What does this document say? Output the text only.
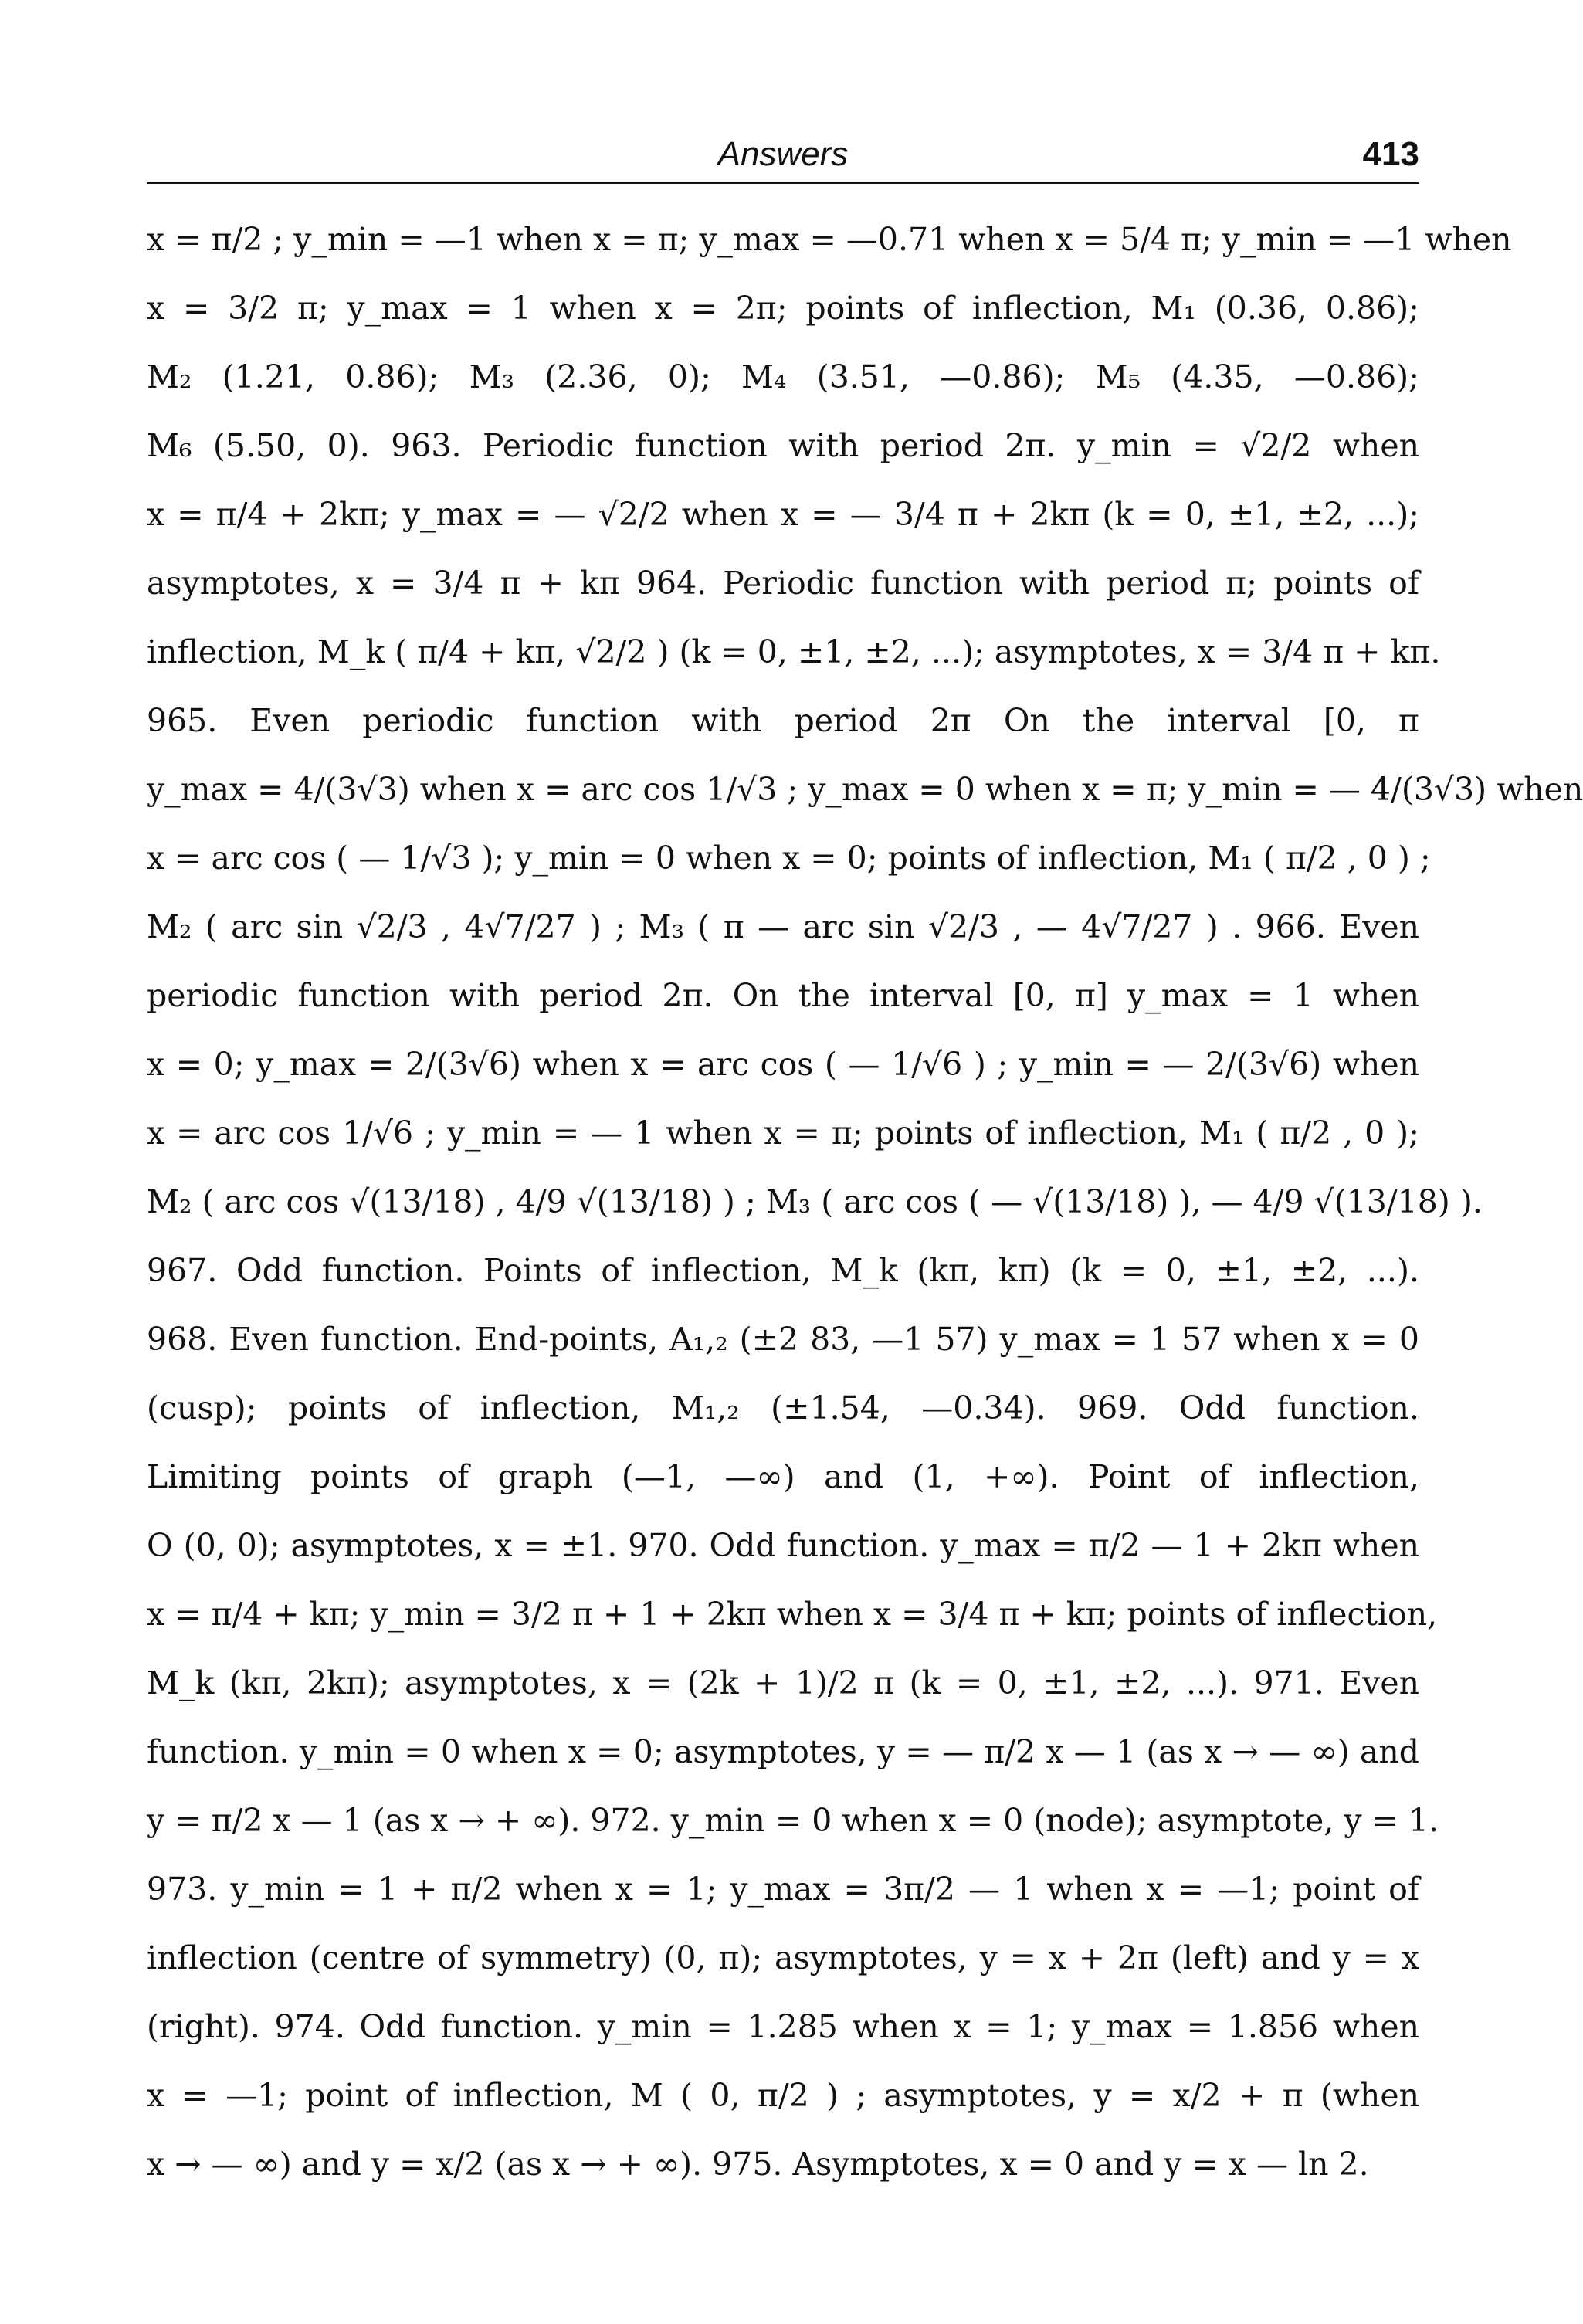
Answers	413
x = π/2 ; y_min = —1 when x = π; y_max = —0.71 when x = 5/4 π; y_min = —1 when
x = 3/2 π; y_max = 1 when x = 2π; points of inflection, M₁ (0.36, 0.86);
M₂ (1.21, 0.86); M₃ (2.36, 0); M₄ (3.51, —0.86); M₅ (4.35, —0.86);
M₆ (5.50, 0). 963. Periodic function with period 2π. y_min = √2/2 when
x = π/4 + 2kπ; y_max = — √2/2 when x = — 3/4 π + 2kπ (k = 0, ±1, ±2, ...);
asymptotes, x = 3/4 π + kπ 964. Periodic function with period π; points of
inflection, M_k ( π/4 + kπ, √2/2 ) (k = 0, ±1, ±2, ...); asymptotes, x = 3/4 π + kπ.
965. Even periodic function with period 2π On the interval [0, π
y_max = 4/(3√3) when x = arc cos 1/√3 ; y_max = 0 when x = π; y_min = — 4/(3√3) when
x = arc cos ( — 1/√3 ); y_min = 0 when x = 0; points of inflection, M₁ ( π/2 , 0 ) ;
M₂ ( arc sin √2/3 , 4√7/27 ) ; M₃ ( π — arc sin √2/3 , — 4√7/27 ) . 966. Even
periodic function with period 2π. On the interval [0, π] y_max = 1 when
x = 0; y_max = 2/(3√6) when x = arc cos ( — 1/√6 ) ; y_min = — 2/(3√6) when
x = arc cos 1/√6 ; y_min = — 1 when x = π; points of inflection, M₁ ( π/2 , 0 );
M₂ ( arc cos √(13/18) , 4/9 √(13/18) ) ; M₃ ( arc cos ( — √(13/18) ), — 4/9 √(13/18) ).
967. Odd function. Points of inflection, M_k (kπ, kπ) (k = 0, ±1, ±2, ...).
968. Even function. End-points, A₁,₂ (±2 83, —1 57) y_max = 1 57 when x = 0
(cusp); points of inflection, M₁,₂ (±1.54, —0.34). 969. Odd function.
Limiting points of graph (—1, —∞) and (1, +∞). Point of inflection,
O (0, 0); asymptotes, x = ±1. 970. Odd function. y_max = π/2 — 1 + 2kπ when
x = π/4 + kπ; y_min = 3/2 π + 1 + 2kπ when x = 3/4 π + kπ; points of inflection,
M_k (kπ, 2kπ); asymptotes, x = (2k + 1)/2 π (k = 0, ±1, ±2, ...). 971. Even
function. y_min = 0 when x = 0; asymptotes, y = — π/2 x — 1 (as x → — ∞) and
y = π/2 x — 1 (as x → + ∞). 972. y_min = 0 when x = 0 (node); asymptote, y = 1.
973. y_min = 1 + π/2 when x = 1; y_max = 3π/2 — 1 when x = —1; point of
inflection (centre of symmetry) (0, π); asymptotes, y = x + 2π (left) and y = x
(right). 974. Odd function. y_min = 1.285 when x = 1; y_max = 1.856 when
x = —1; point of inflection, M ( 0, π/2 ) ; asymptotes, y = x/2 + π (when
x → — ∞) and y = x/2 (as x → + ∞). 975. Asymptotes, x = 0 and y = x — ln 2.
